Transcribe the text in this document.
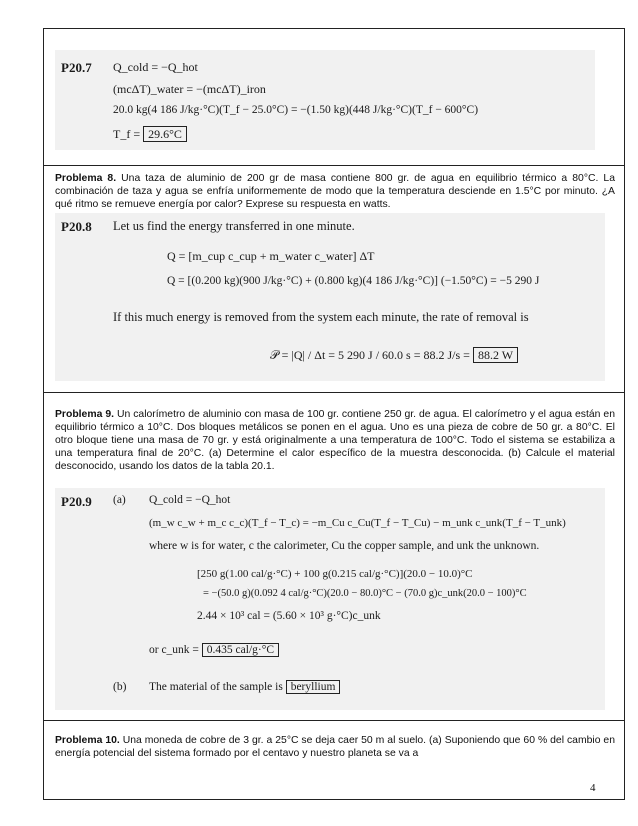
P20.7 Q_cold = −Q_hot
(mcΔT)_water = −(mcΔT)_iron
20.0 kg(4 186 J/kg·°C)(T_f − 25.0°C) = −(1.50 kg)(448 J/kg·°C)(T_f − 600°C)
T_f = 29.6°C
Problema 8. Una taza de aluminio de 200 gr de masa contiene 800 gr. de agua en equilibrio térmico a 80°C. La combinación de taza y agua se enfría uniformemente de modo que la temperatura desciende en 1.5°C por minuto. ¿A qué ritmo se remueve energía por calor? Exprese su respuesta en watts.
P20.8 Let us find the energy transferred in one minute.
Q = [m_cup c_cup + m_water c_water] ΔT
Q = [(0.200 kg)(900 J/kg·°C) + (0.800 kg)(4 186 J/kg·°C)] (−1.50°C) = −5 290 J
If this much energy is removed from the system each minute, the rate of removal is
𝒫 = |Q| / Δt = 5 290 J / 60.0 s = 88.2 J/s = 88.2 W
Problema 9. Un calorímetro de aluminio con masa de 100 gr. contiene 250 gr. de agua. El calorímetro y el agua están en equilibrio térmico a 10°C. Dos bloques metálicos se ponen en el agua. Uno es una pieza de cobre de 50 gr. a 80°C. El otro bloque tiene una masa de 70 gr. y está originalmente a una temperatura de 100°C. Todo el sistema se estabiliza a una temperatura final de 20°C. (a) Determine el calor específico de la muestra desconocida. (b) Calcule el material desconocido, usando los datos de la tabla 20.1.
P20.9 (a) Q_cold = −Q_hot
(m_w c_w + m_c c_c)(T_f − T_c) = −m_Cu c_Cu(T_f − T_Cu) − m_unk c_unk(T_f − T_unk)
where w is for water, c the calorimeter, Cu the copper sample, and unk the unknown.
[250 g(1.00 cal/g·°C) + 100 g(0.215 cal/g·°C)](20.0 − 10.0)°C
= −(50.0 g)(0.092 4 cal/g·°C)(20.0 − 80.0)°C − (70.0 g)c_unk(20.0 − 100)°C
2.44 × 10³ cal = (5.60 × 10³ g·°C)c_unk
or c_unk = 0.435 cal/g·°C
(b) The material of the sample is beryllium
Problema 10. Una moneda de cobre de 3 gr. a 25°C se deja caer 50 m al suelo. (a) Suponiendo que 60 % del cambio en energía potencial del sistema formado por el centavo y nuestro planeta se va a
4
